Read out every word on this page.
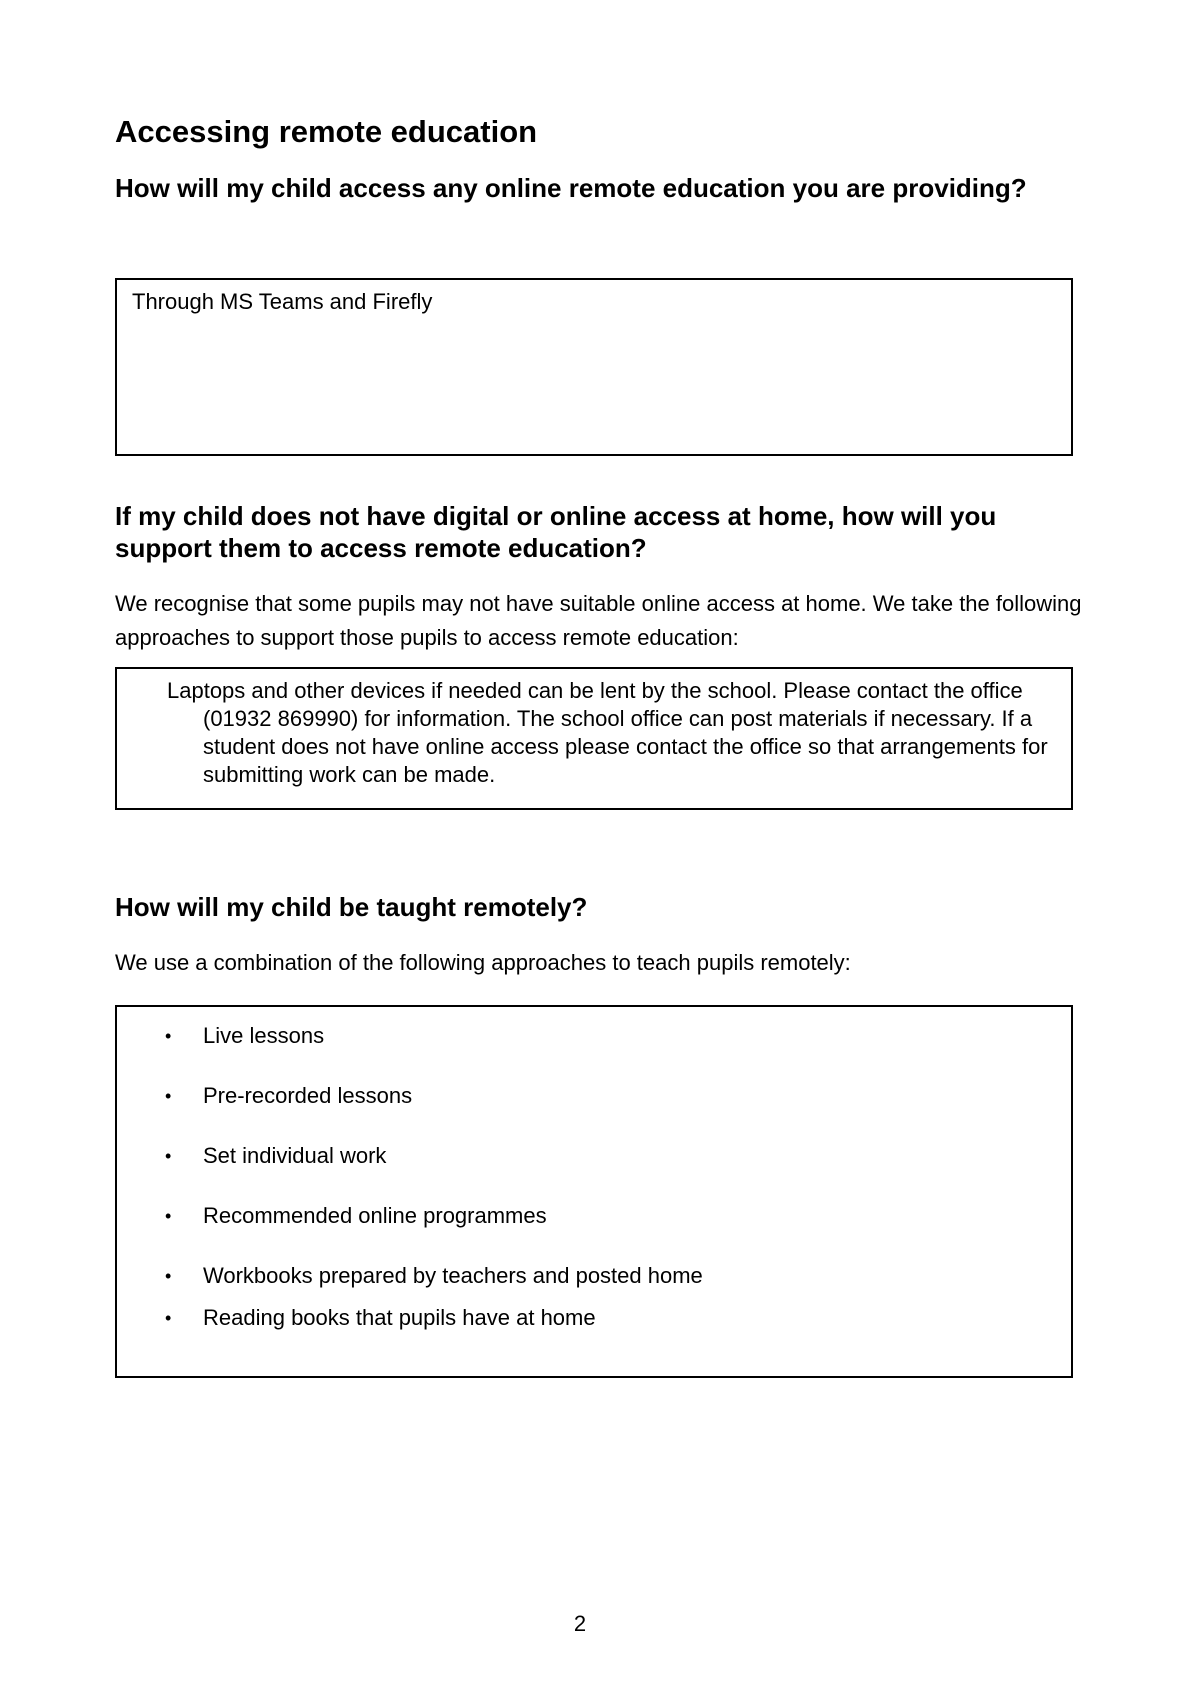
Accessing remote education
How will my child access any online remote education you are providing?
Through MS Teams and Firefly
If my child does not have digital or online access at home, how will you support them to access remote education?

We recognise that some pupils may not have suitable online access at home. We take the following approaches to support those pupils to access remote education:

Laptops and other devices if needed can be lent by the school. Please contact the office (01932 869990) for information. The school office can post materials if necessary. If a student does not have online access please contact the office so that arrangements for submitting work can be made.
How will my child be taught remotely?

We use a combination of the following approaches to teach pupils remotely:

• Live lessons
• Pre-recorded lessons
• Set individual work
• Recommended online programmes
• Workbooks prepared by teachers and posted home
• Reading books that pupils have at home
2
